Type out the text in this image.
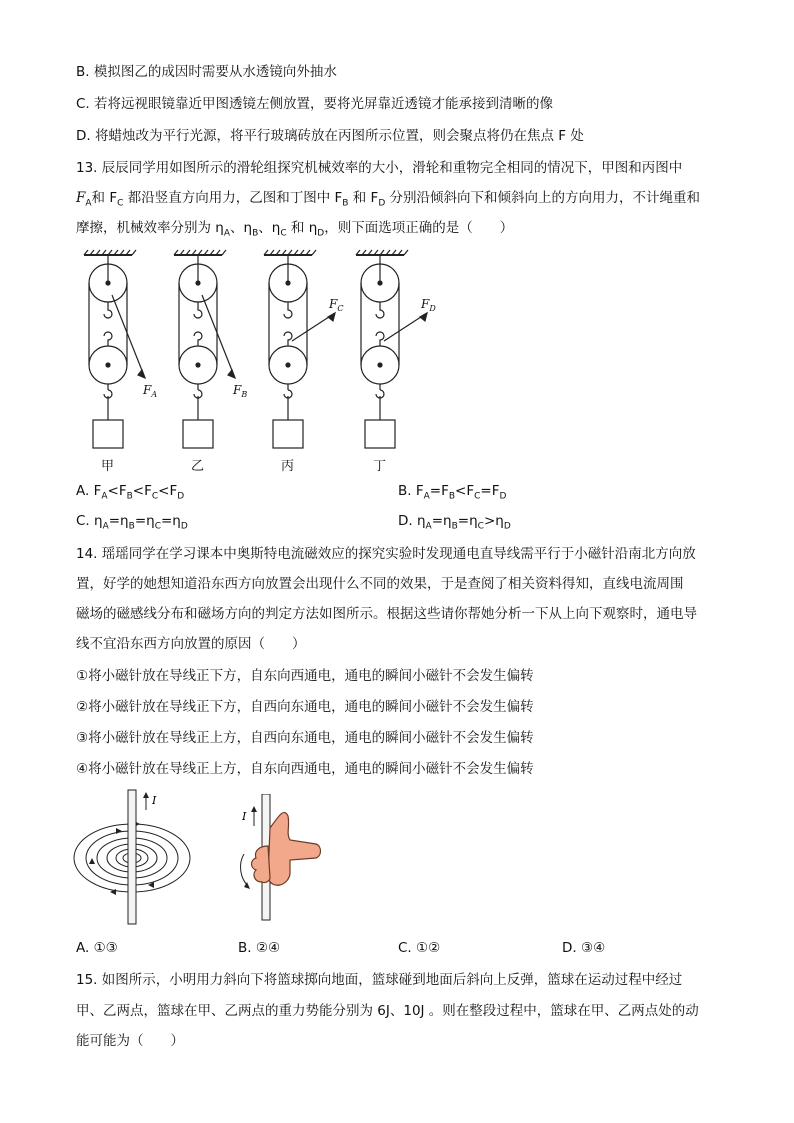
B. 模拟图乙的成因时需要从水透镜向外抽水
C. 若将远视眼镜靠近甲图透镜左侧放置，要将光屏靠近透镜才能承接到清晰的像
D. 将蜡烛改为平行光源，将平行玻璃砖放在丙图所示位置，则会聚点将仍在焦点 F 处
13. 辰辰同学用如图所示的滑轮组探究机械效率的大小，滑轮和重物完全相同的情况下，甲图和丙图中
$F_A$和 $F_C$ 都沿竖直方向用力，乙图和丁图中 $F_B$ 和 $F_D$ 分别沿倾斜向下和倾斜向上的方向用力，不计绳重和
摩擦，机械效率分别为 $\eta_A$、$\eta_B$、$\eta_C$ 和 $\eta_D$，则下面选项正确的是（　　）
$F_A$
甲
$F_B$
乙
$F_C$
丙
$F_D$
丁
A. $F_A<F_B<F_C<F_D$	B. $F_A=F_B<F_C=F_D$
C. $\eta_A=\eta_B=\eta_C=\eta_D$	D. $\eta_A=\eta_B=\eta_C>\eta_D$
14. 瑶瑶同学在学习课本中奥斯特电流磁效应的探究实验时发现通电直导线需平行于小磁针沿南北方向放
置，好学的她想知道沿东西方向放置会出现什么不同的效果，于是查阅了相关资料得知，直线电流周围
磁场的磁感线分布和磁场方向的判定方法如图所示。根据这些请你帮她分析一下从上向下观察时，通电导
线不宜沿东西方向放置的原因（　　）
①将小磁针放在导线正下方，自东向西通电，通电的瞬间小磁针不会发生偏转
②将小磁针放在导线正下方，自西向东通电，通电的瞬间小磁针不会发生偏转
③将小磁针放在导线正上方，自西向东通电，通电的瞬间小磁针不会发生偏转
④将小磁针放在导线正上方，自东向西通电，通电的瞬间小磁针不会发生偏转
I
I
A. ①③	B. ②④	C. ①②	D. ③④
15. 如图所示，小明用力斜向下将篮球掷向地面，篮球碰到地面后斜向上反弹，篮球在运动过程中经过
甲、乙两点，篮球在甲、乙两点的重力势能分别为 6J、10J 。则在整段过程中，篮球在甲、乙两点处的动
能可能为（　　）
